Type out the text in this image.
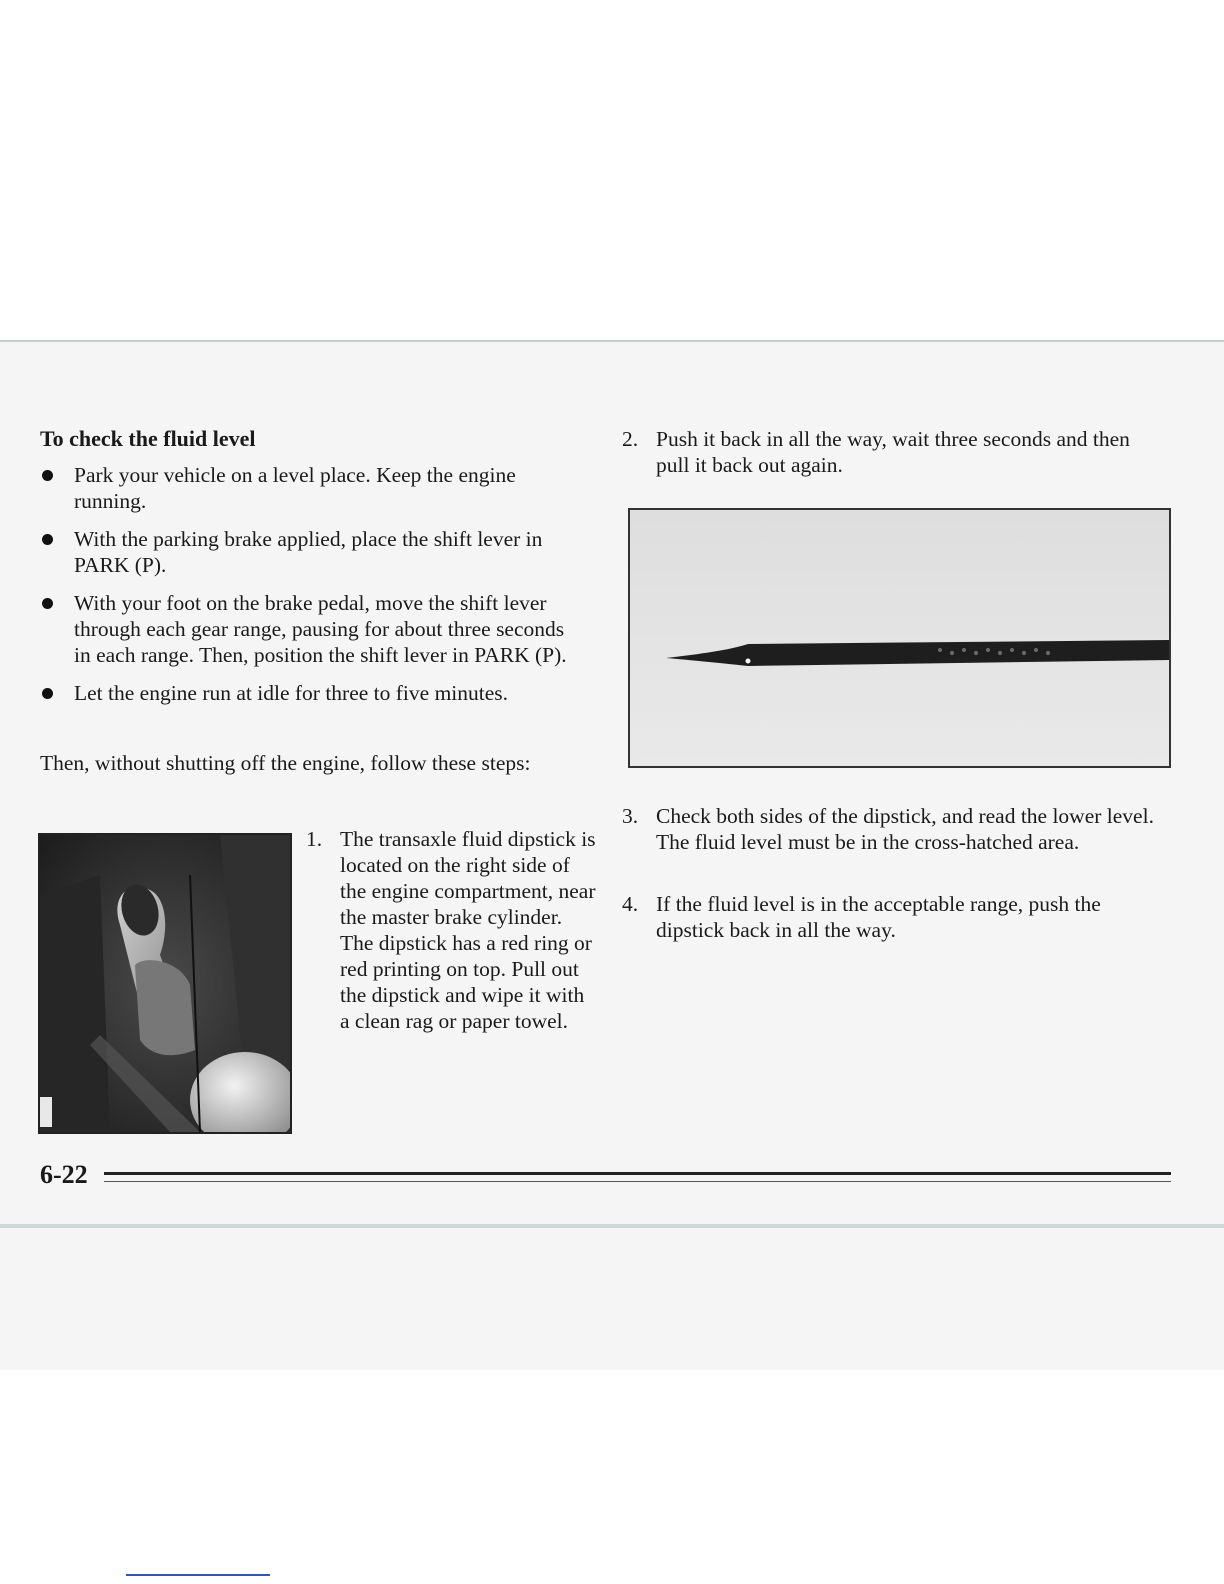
To check the fluid level
Park your vehicle on a level place. Keep the engine running.
With the parking brake applied, place the shift lever in PARK (P).
With your foot on the brake pedal, move the shift lever through each gear range, pausing for about three seconds in each range. Then, position the shift lever in PARK (P).
Let the engine run at idle for three to five minutes.
Then, without shutting off the engine, follow these steps:
1. The transaxle fluid dipstick is located on the right side of the engine compartment, near the master brake cylinder. The dipstick has a red ring or red printing on top. Pull out the dipstick and wipe it with a clean rag or paper towel.
2. Push it back in all the way, wait three seconds and then pull it back out again.
3. Check both sides of the dipstick, and read the lower level. The fluid level must be in the cross-hatched area.
4. If the fluid level is in the acceptable range, push the dipstick back in all the way.
6-22
